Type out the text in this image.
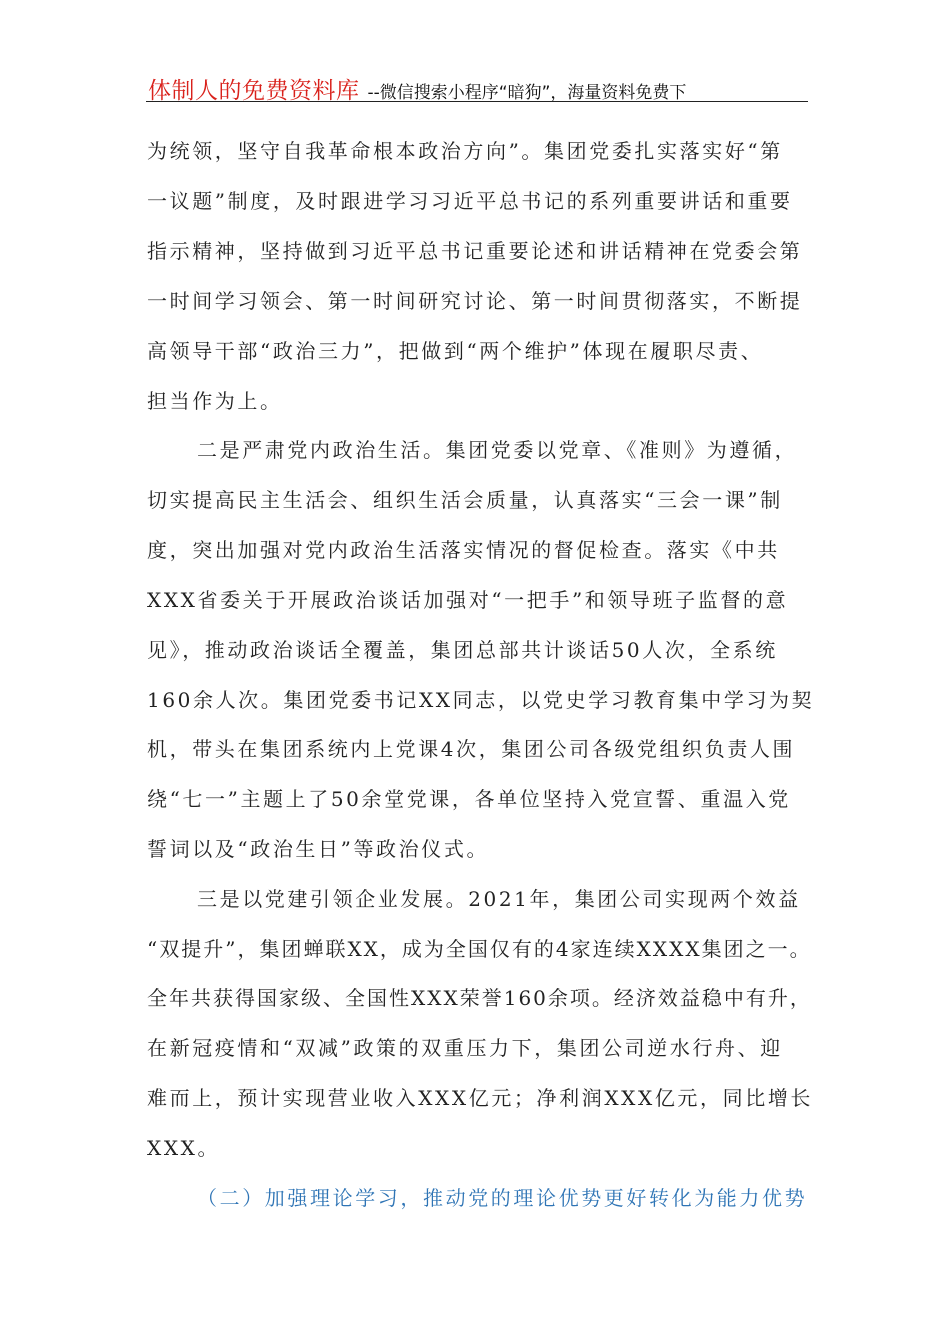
体制人的免费资料库 --微信搜索小程序“暗狗”，海量资料免费下
为统领，坚守自我革命根本政治方向”。集团党委扎实落实好“第
一议题”制度，及时跟进学习习近平总书记的系列重要讲话和重要
指示精神，坚持做到习近平总书记重要论述和讲话精神在党委会第
一时间学习领会、第一时间研究讨论、第一时间贯彻落实，不断提
高领导干部“政治三力”，把做到“两个维护”体现在履职尽责、
担当作为上。
二是严肃党内政治生活。集团党委以党章、《准则》为遵循，
切实提高民主生活会、组织生活会质量，认真落实“三会一课”制
度，突出加强对党内政治生活落实情况的督促检查。落实《中共
XXX省委关于开展政治谈话加强对“一把手”和领导班子监督的意
见》，推动政治谈话全覆盖，集团总部共计谈话50人次，全系统
160余人次。集团党委书记XX同志，以党史学习教育集中学习为契
机，带头在集团系统内上党课4次，集团公司各级党组织负责人围
绕“七一”主题上了50余堂党课，各单位坚持入党宣誓、重温入党
誓词以及“政治生日”等政治仪式。
三是以党建引领企业发展。2021年，集团公司实现两个效益
“双提升”，集团蝉联XX，成为全国仅有的4家连续XXXX集团之一。
全年共获得国家级、全国性XXX荣誉160余项。经济效益稳中有升，
在新冠疫情和“双减”政策的双重压力下，集团公司逆水行舟、迎
难而上，预计实现营业收入XXX亿元；净利润XXX亿元，同比增长
XXX。
（二）加强理论学习，推动党的理论优势更好转化为能力优势
